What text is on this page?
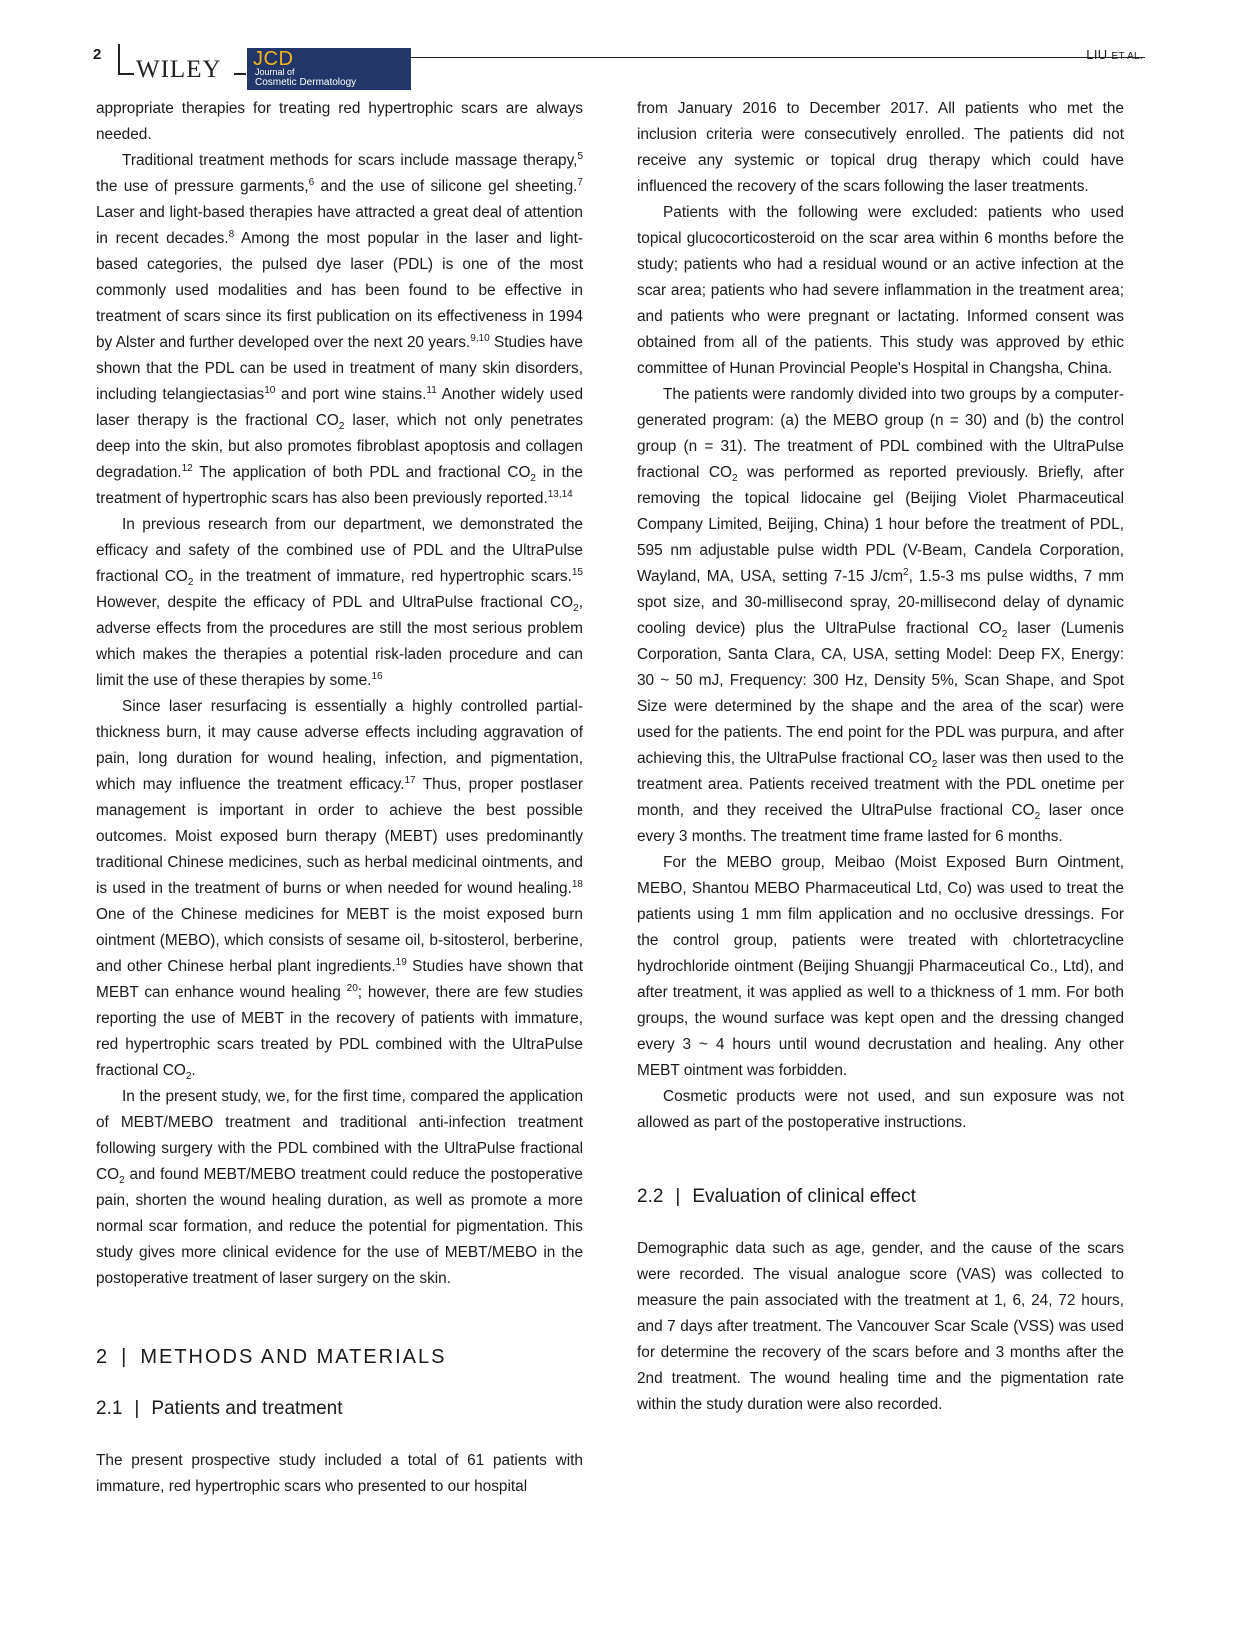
2
WILEY JCD
Journal of
Cosmetic Dermatology
LIU ET AL.

appropriate therapies for treating red hypertrophic scars are always needed.

Traditional treatment methods for scars include massage therapy,$^5$ the use of pressure garments,$^6$ and the use of silicone gel sheeting.$^7$ Laser and light-based therapies have attracted a great deal of attention in recent decades.$^8$ Among the most popular in the laser and light-based categories, the pulsed dye laser (PDL) is one of the most commonly used modalities and has been found to be effective in treatment of scars since its first publication on its effectiveness in 1994 by Alster and further developed over the next 20 years.$^{9,10}$ Studies have shown that the PDL can be used in treatment of many skin disorders, including telangiectasias$^{10}$ and port wine stains.$^{11}$ Another widely used laser therapy is the fractional $CO_2$ laser, which not only penetrates deep into the skin, but also promotes fibroblast apoptosis and collagen degradation.$^{12}$ The application of both PDL and fractional $CO_2$ in the treatment of hypertrophic scars has also been previously reported.$^{13,14}$

In previous research from our department, we demonstrated the efficacy and safety of the combined use of PDL and the UltraPulse fractional $CO_2$ in the treatment of immature, red hypertrophic scars.$^{15}$ However, despite the efficacy of PDL and UltraPulse fractional $CO_2$, adverse effects from the procedures are still the most serious problem which makes the therapies a potential risk-laden procedure and can limit the use of these therapies by some.$^{16}$

Since laser resurfacing is essentially a highly controlled partial-thickness burn, it may cause adverse effects including aggravation of pain, long duration for wound healing, infection, and pigmentation, which may influence the treatment efficacy.$^{17}$ Thus, proper postlaser management is important in order to achieve the best possible outcomes. Moist exposed burn therapy (MEBT) uses predominantly traditional Chinese medicines, such as herbal medicinal ointments, and is used in the treatment of burns or when needed for wound healing.$^{18}$ One of the Chinese medicines for MEBT is the moist exposed burn ointment (MEBO), which consists of sesame oil, b-sitosterol, berberine, and other Chinese herbal plant ingredients.$^{19}$ Studies have shown that MEBT can enhance wound healing $^{20}$; however, there are few studies reporting the use of MEBT in the recovery of patients with immature, red hypertrophic scars treated by PDL combined with the UltraPulse fractional $CO_2$.

In the present study, we, for the first time, compared the application of MEBT/MEBO treatment and traditional anti-infection treatment following surgery with the PDL combined with the UltraPulse fractional $CO_2$ and found MEBT/MEBO treatment could reduce the postoperative pain, shorten the wound healing duration, as well as promote a more normal scar formation, and reduce the potential for pigmentation. This study gives more clinical evidence for the use of MEBT/MEBO in the postoperative treatment of laser surgery on the skin.

2 | METHODS AND MATERIALS
2.1 | Patients and treatment

The present prospective study included a total of 61 patients with immature, red hypertrophic scars who presented to our hospital

from January 2016 to December 2017. All patients who met the inclusion criteria were consecutively enrolled. The patients did not receive any systemic or topical drug therapy which could have influenced the recovery of the scars following the laser treatments.

Patients with the following were excluded: patients who used topical glucocorticosteroid on the scar area within 6 months before the study; patients who had a residual wound or an active infection at the scar area; patients who had severe inflammation in the treatment area; and patients who were pregnant or lactating. Informed consent was obtained from all of the patients. This study was approved by ethic committee of Hunan Provincial People's Hospital in Changsha, China.

The patients were randomly divided into two groups by a computer-generated program: (a) the MEBO group (n = 30) and (b) the control group (n = 31). The treatment of PDL combined with the UltraPulse fractional $CO_2$ was performed as reported previously. Briefly, after removing the topical lidocaine gel (Beijing Violet Pharmaceutical Company Limited, Beijing, China) 1 hour before the treatment of PDL, 595 nm adjustable pulse width PDL (V-Beam, Candela Corporation, Wayland, MA, USA, setting 7-15 $J/cm^2$, 1.5-3 ms pulse widths, 7 mm spot size, and 30-millisecond spray, 20-millisecond delay of dynamic cooling device) plus the UltraPulse fractional $CO_2$ laser (Lumenis Corporation, Santa Clara, CA, USA, setting Model: Deep FX, Energy: 30 ~ 50 mJ, Frequency: 300 Hz, Density 5%, Scan Shape, and Spot Size were determined by the shape and the area of the scar) were used for the patients. The end point for the PDL was purpura, and after achieving this, the UltraPulse fractional $CO_2$ laser was then used to the treatment area. Patients received treatment with the PDL onetime per month, and they received the UltraPulse fractional $CO_2$ laser once every 3 months. The treatment time frame lasted for 6 months.

For the MEBO group, Meibao (Moist Exposed Burn Ointment, MEBO, Shantou MEBO Pharmaceutical Ltd, Co) was used to treat the patients using 1 mm film application and no occlusive dressings. For the control group, patients were treated with chlortetracycline hydrochloride ointment (Beijing Shuangji Pharmaceutical Co., Ltd), and after treatment, it was applied as well to a thickness of 1 mm. For both groups, the wound surface was kept open and the dressing changed every 3 ~ 4 hours until wound decrustation and healing. Any other MEBT ointment was forbidden.

Cosmetic products were not used, and sun exposure was not allowed as part of the postoperative instructions.

2.2 | Evaluation of clinical effect

Demographic data such as age, gender, and the cause of the scars were recorded. The visual analogue score (VAS) was collected to measure the pain associated with the treatment at 1, 6, 24, 72 hours, and 7 days after treatment. The Vancouver Scar Scale (VSS) was used for determine the recovery of the scars before and 3 months after the 2nd treatment. The wound healing time and the pigmentation rate within the study duration were also recorded.
